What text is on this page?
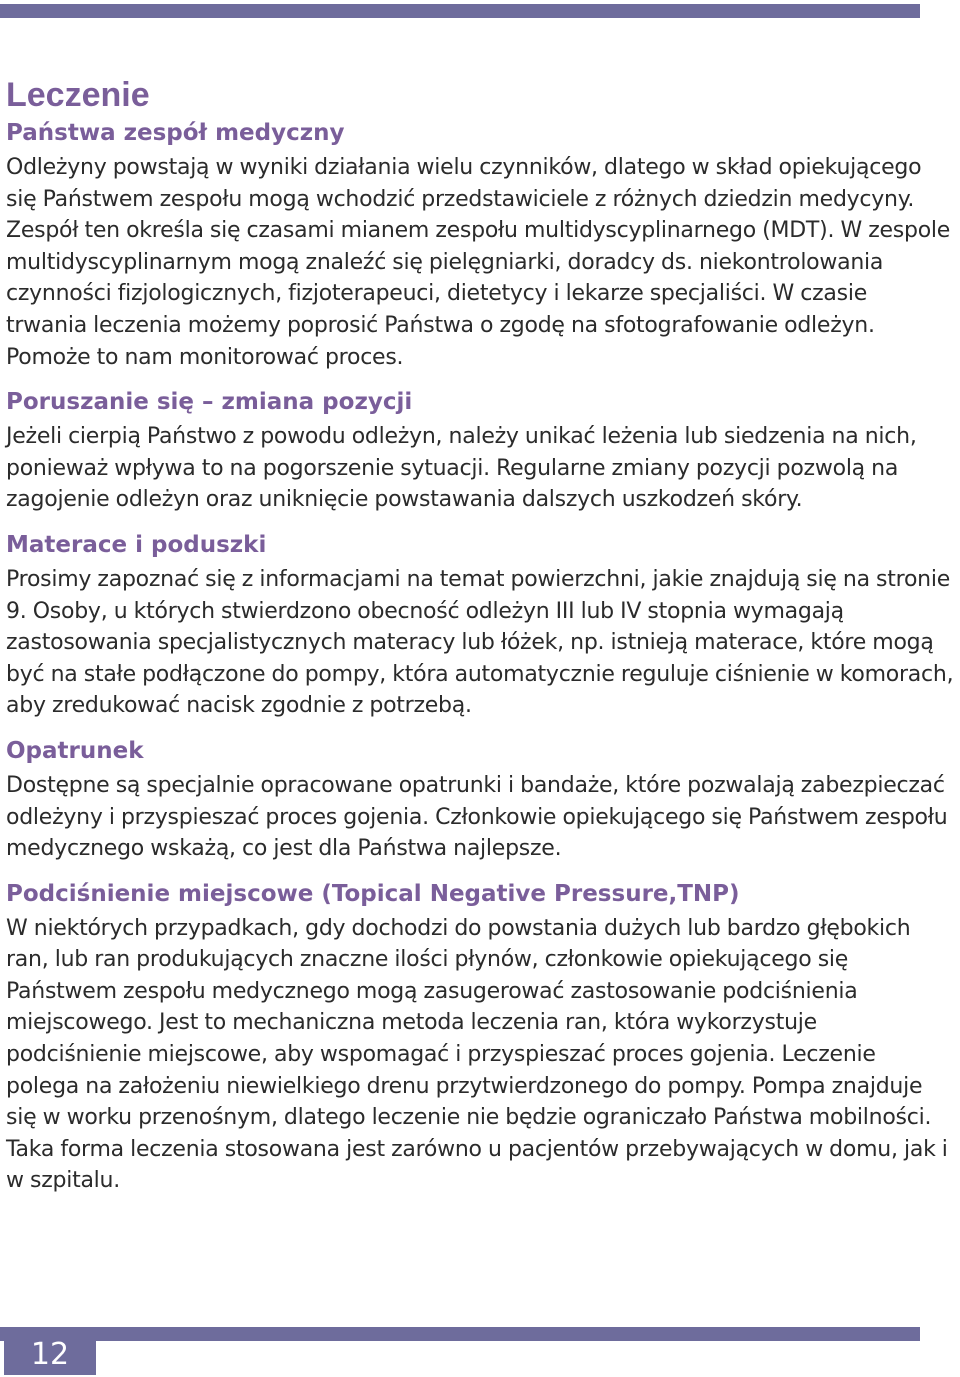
Leczenie
Państwa zespół medyczny

Odleżyny powstają w wyniki działania wielu czynników, dlatego w skład opiekującego się Państwem zespołu mogą wchodzić przedstawiciele z różnych dziedzin medycyny. Zespół ten określa się czasami mianem zespołu multidyscyplinarnego (MDT). W zespole multidyscyplinarnym mogą znaleźć się pielęgniarki, doradcy ds. niekontrolowania czynności fizjologicznych, fizjoterapeuci, dietetycy i lekarze specjaliści. W czasie trwania leczenia możemy poprosić Państwa o zgodę na sfotografowanie odleżyn. Pomoże to nam monitorować proces.

Poruszanie się – zmiana pozycji

Jeżeli cierpią Państwo z powodu odleżyn, należy unikać leżenia lub siedzenia na nich, ponieważ wpływa to na pogorszenie sytuacji. Regularne zmiany pozycji pozwolą na zagojenie odleżyn oraz uniknięcie powstawania dalszych uszkodzeń skóry.

Materace i poduszki

Prosimy zapoznać się z informacjami na temat powierzchni, jakie znajdują się na stronie 9. Osoby, u których stwierdzono obecność odleżyn III lub IV stopnia wymagają zastosowania specjalistycznych materacy lub łóżek, np. istnieją materace, które mogą być na stałe podłączone do pompy, która automatycznie reguluje ciśnienie w komorach, aby zredukować nacisk zgodnie z potrzebą.

Opatrunek

Dostępne są specjalnie opracowane opatrunki i bandaże, które pozwalają zabezpieczać odleżyny i przyspieszać proces gojenia. Członkowie opiekującego się Państwem zespołu medycznego wskażą, co jest dla Państwa najlepsze.

Podciśnienie miejscowe (Topical Negative Pressure,TNP)

W niektórych przypadkach, gdy dochodzi do powstania dużych lub bardzo głębokich ran, lub ran produkujących znaczne ilości płynów, członkowie opiekującego się Państwem zespołu medycznego mogą zasugerować zastosowanie podciśnienia miejscowego. Jest to mechaniczna metoda leczenia ran, która wykorzystuje podciśnienie miejscowe, aby wspomagać i przyspieszać proces gojenia. Leczenie polega na założeniu niewielkiego drenu przytwierdzonego do pompy. Pompa znajduje się w worku przenośnym, dlatego leczenie nie będzie ograniczało Państwa mobilności. Taka forma leczenia stosowana jest zarówno u pacjentów przebywających w domu, jak i w szpitalu.

12
